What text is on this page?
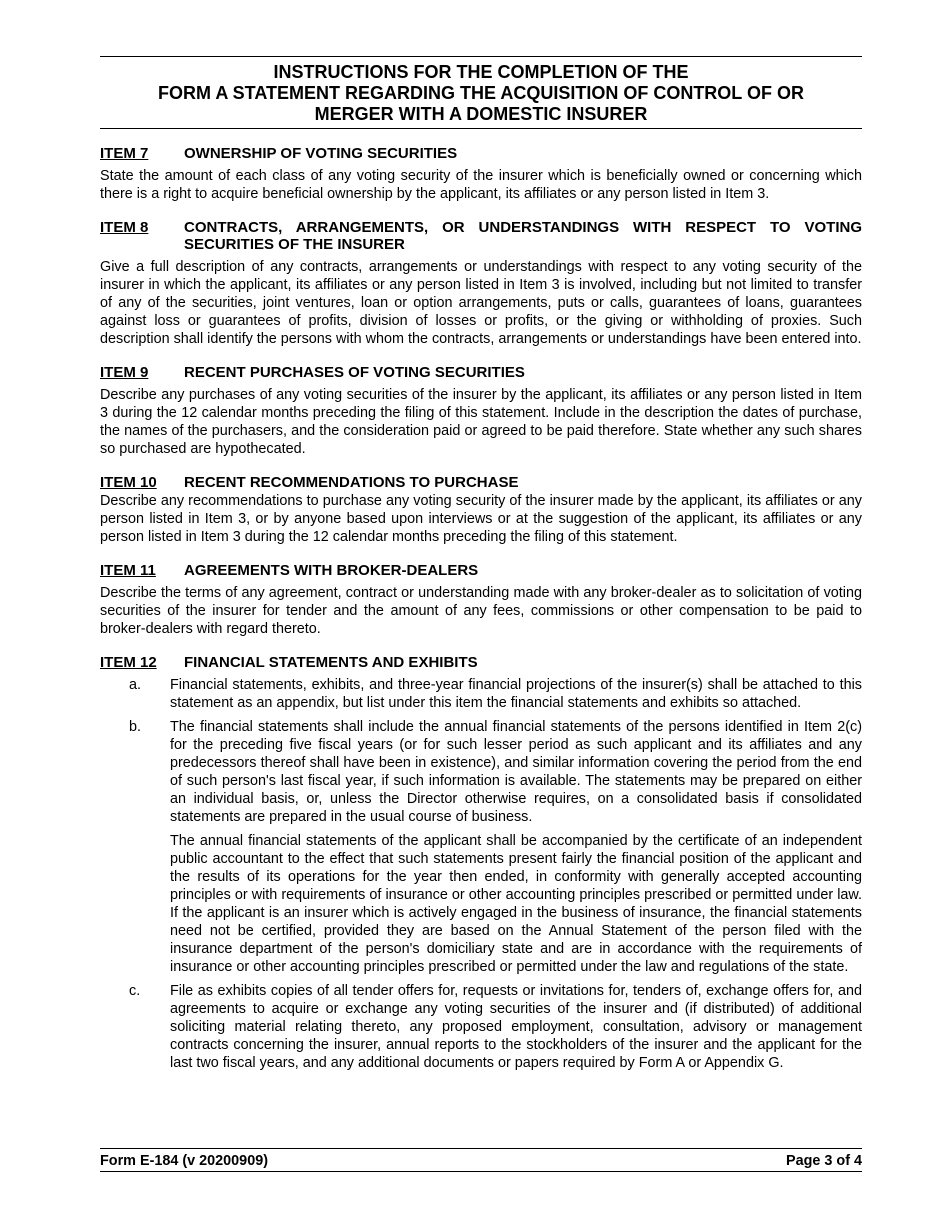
INSTRUCTIONS FOR THE COMPLETION OF THE
FORM A STATEMENT REGARDING THE ACQUISITION OF CONTROL OF OR
MERGER WITH A DOMESTIC INSURER
ITEM 7	OWNERSHIP OF VOTING SECURITIES

State the amount of each class of any voting security of the insurer which is beneficially owned or concerning which there is a right to acquire beneficial ownership by the applicant, its affiliates or any person listed in Item 3.

ITEM 8	CONTRACTS, ARRANGEMENTS, OR UNDERSTANDINGS WITH RESPECT TO VOTING SECURITIES OF THE INSURER

Give a full description of any contracts, arrangements or understandings with respect to any voting security of the insurer in which the applicant, its affiliates or any person listed in Item 3 is involved, including but not limited to transfer of any of the securities, joint ventures, loan or option arrangements, puts or calls, guarantees of loans, guarantees against loss or guarantees of profits, division of losses or profits, or the giving or withholding of proxies. Such description shall identify the persons with whom the contracts, arrangements or understandings have been entered into.

ITEM 9	RECENT PURCHASES OF VOTING SECURITIES

Describe any purchases of any voting securities of the insurer by the applicant, its affiliates or any person listed in Item 3 during the 12 calendar months preceding the filing of this statement. Include in the description the dates of purchase, the names of the purchasers, and the consideration paid or agreed to be paid therefore. State whether any such shares so purchased are hypothecated.

ITEM 10	RECENT RECOMMENDATIONS TO PURCHASE

Describe any recommendations to purchase any voting security of the insurer made by the applicant, its affiliates or any person listed in Item 3, or by anyone based upon interviews or at the suggestion of the applicant, its affiliates or any person listed in Item 3 during the 12 calendar months preceding the filing of this statement.

ITEM 11	AGREEMENTS WITH BROKER-DEALERS

Describe the terms of any agreement, contract or understanding made with any broker-dealer as to solicitation of voting securities of the insurer for tender and the amount of any fees, commissions or other compensation to be paid to broker-dealers with regard thereto.

ITEM 12	FINANCIAL STATEMENTS AND EXHIBITS
a.	Financial statements, exhibits, and three-year financial projections of the insurer(s) shall be attached to this statement as an appendix, but list under this item the financial statements and exhibits so attached.

b.	The financial statements shall include the annual financial statements of the persons identified in Item 2(c) for the preceding five fiscal years (or for such lesser period as such applicant and its affiliates and any predecessors thereof shall have been in existence), and similar information covering the period from the end of such person's last fiscal year, if such information is available. The statements may be prepared on either an individual basis, or, unless the Director otherwise requires, on a consolidated basis if consolidated statements are prepared in the usual course of business.

The annual financial statements of the applicant shall be accompanied by the certificate of an independent public accountant to the effect that such statements present fairly the financial position of the applicant and the results of its operations for the year then ended, in conformity with generally accepted accounting principles or with requirements of insurance or other accounting principles prescribed or permitted under law. If the applicant is an insurer which is actively engaged in the business of insurance, the financial statements need not be certified, provided they are based on the Annual Statement of the person filed with the insurance department of the person's domiciliary state and are in accordance with the requirements of insurance or other accounting principles prescribed or permitted under the law and regulations of the state.

c.	File as exhibits copies of all tender offers for, requests or invitations for, tenders of, exchange offers for, and agreements to acquire or exchange any voting securities of the insurer and (if distributed) of additional soliciting material relating thereto, any proposed employment, consultation, advisory or management contracts concerning the insurer, annual reports to the stockholders of the insurer and the applicant for the last two fiscal years, and any additional documents or papers required by Form A or Appendix G.

Form E-184 (v 20200909)	Page 3 of 4
